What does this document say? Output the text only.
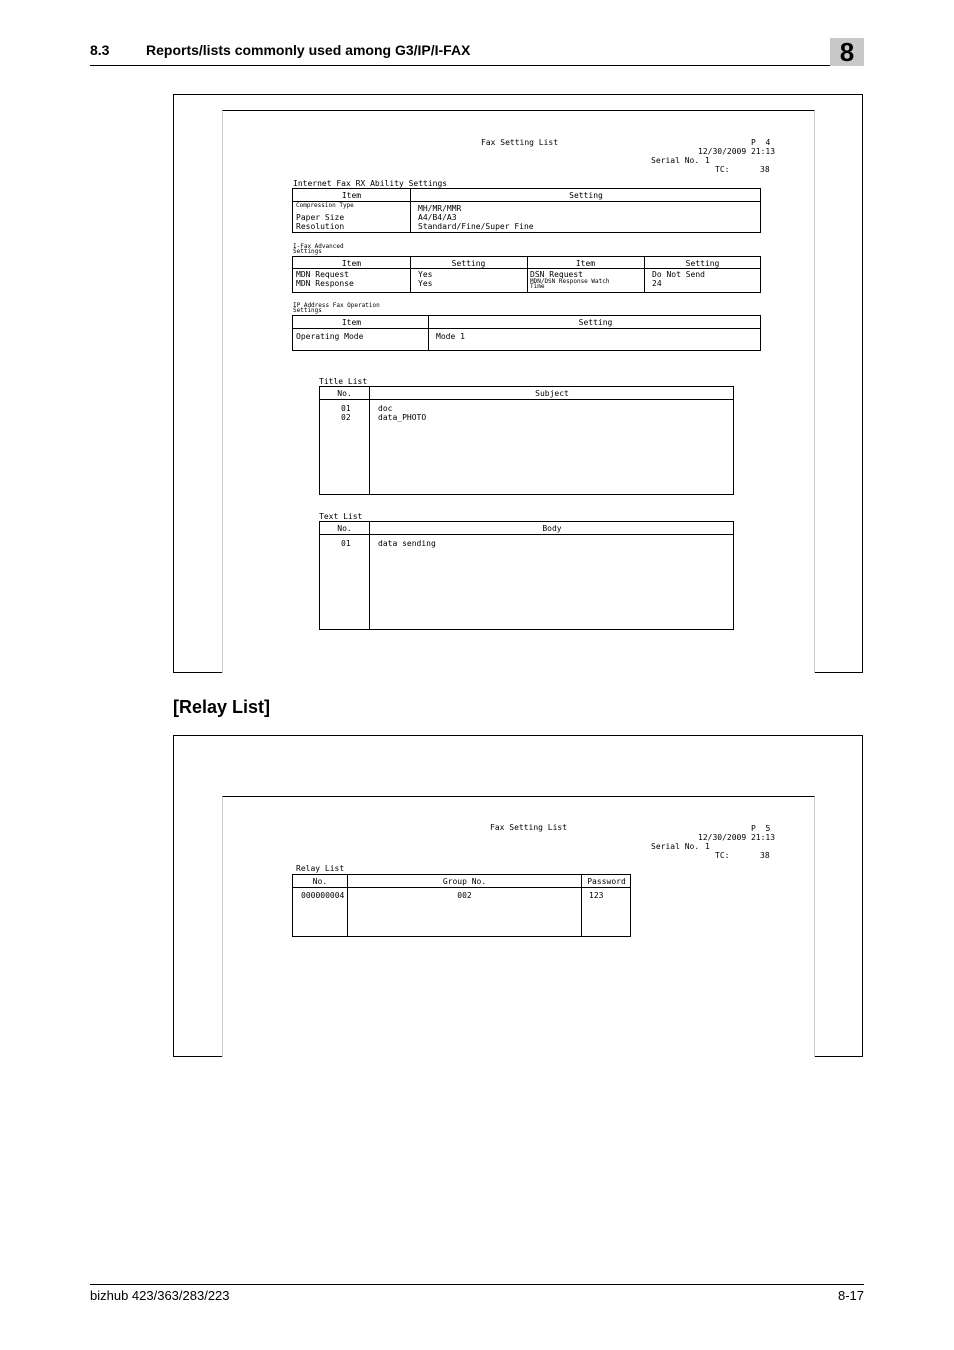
8.3	Reports/lists commonly used among G3/IP/I-FAX	8
Fax Setting List	P  4
12/30/2009 21:13
Serial No. 1
TC:	38
Internet Fax RX Ability Settings
Item	Setting
Compression Type	MH/MR/MMR
Paper Size	A4/B4/A3
Resolution	Standard/Fine/Super Fine
I-Fax Advanced Settings
Item	Setting	Item	Setting
MDN Request	Yes	DSN Request	Do Not Send
MDN Response	Yes	MDN/DSN Response Watch Time	24
IP Address Fax Operation Settings
Item	Setting
Operating Mode	Mode 1
Title List
No.	Subject
01	doc
02	data_PHOTO
Text List
No.	Body
01	data sending
[Relay List]
Fax Setting List	P  5
12/30/2009 21:13
Serial No. 1
TC:	38
Relay List
No.	Group No.	Password
000000004	002	123
bizhub 423/363/283/223	8-17
